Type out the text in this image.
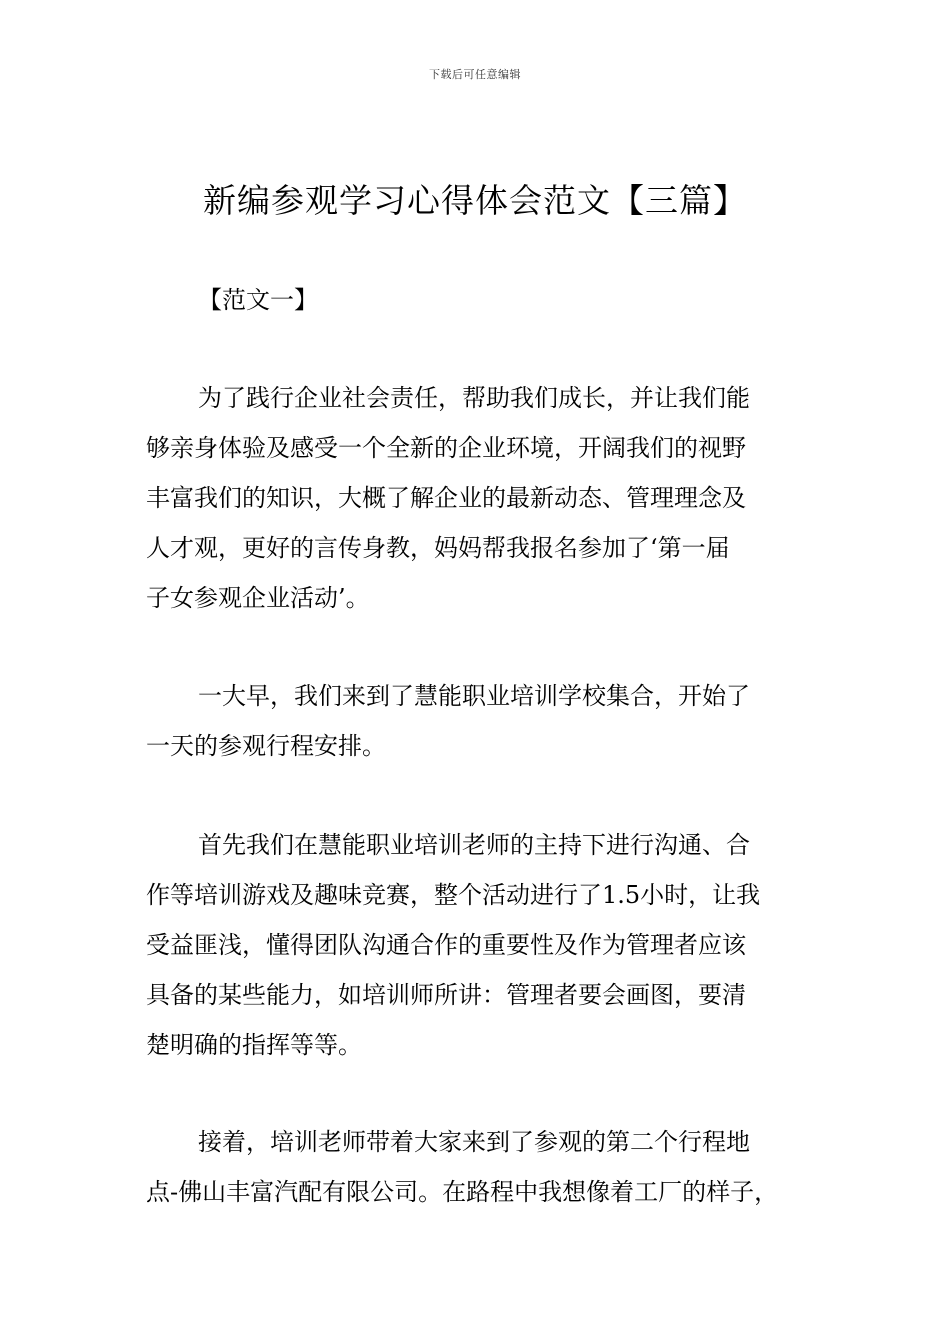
下载后可任意编辑
新编参观学习心得体会范文【三篇】
【范文一】
为了践行企业社会责任，帮助我们成长，并让我们能
够亲身体验及感受一个全新的企业环境，开阔我们的视野
丰富我们的知识，大概了解企业的最新动态、管理理念及
人才观，更好的言传身教，妈妈帮我报名参加了‘第一届
子女参观企业活动’。
一大早，我们来到了慧能职业培训学校集合，开始了
一天的参观行程安排。
首先我们在慧能职业培训老师的主持下进行沟通、合
作等培训游戏及趣味竞赛，整个活动进行了1.5小时，让我
受益匪浅，懂得团队沟通合作的重要性及作为管理者应该
具备的某些能力，如培训师所讲：管理者要会画图，要清
楚明确的指挥等等。
接着，培训老师带着大家来到了参观的第二个行程地
点-佛山丰富汽配有限公司。在路程中我想像着工厂的样子，
